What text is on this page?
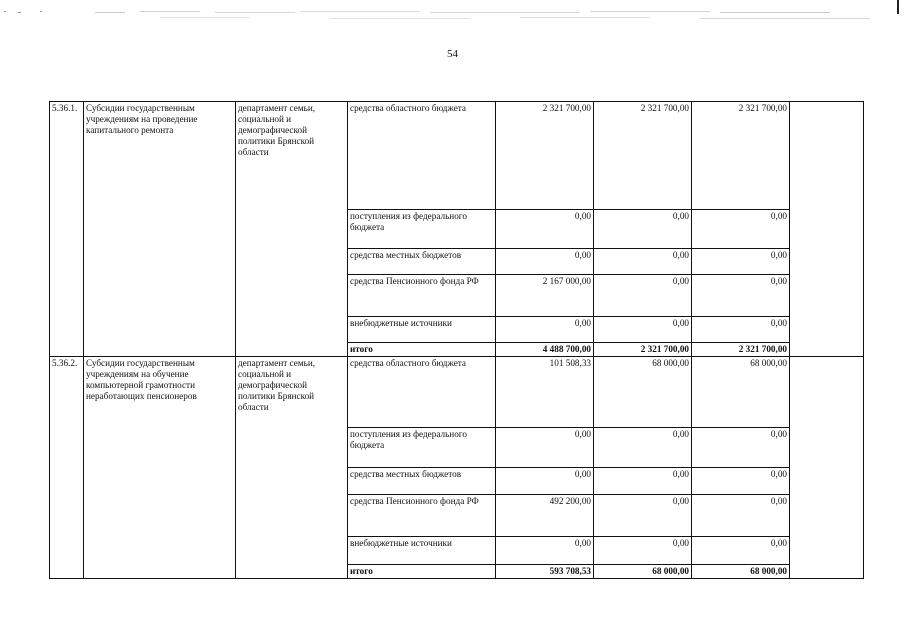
54
5.36.1.	Субсидии государственным учреждениям на проведение капитального ремонта	департамент семьи, социальной и демографической политики Брянской области	средства областного бюджета	2 321 700,00	2 321 700,00	2 321 700,00	
			поступления из федерального бюджета	0,00	0,00	0,00	
			средства местных бюджетов	0,00	0,00	0,00	
			средства Пенсионного фонда РФ	2 167 000,00	0,00	0,00	
			внебюджетные источники	0,00	0,00	0,00	
			итого	4 488 700,00	2 321 700,00	2 321 700,00	
5.36.2.	Субсидии государственным учреждениям на обучение компьютерной грамотности неработающих пенсионеров	департамент семьи, социальной и демографической политики Брянской области	средства областного бюджета	101 508,33	68 000,00	68 000,00	
			поступления из федерального бюджета	0,00	0,00	0,00	
			средства местных бюджетов	0,00	0,00	0,00	
			средства Пенсионного фонда РФ	492 200,00	0,00	0,00	
			внебюджетные источники	0,00	0,00	0,00	
			итого	593 708,53	68 000,00	68 000,00	
